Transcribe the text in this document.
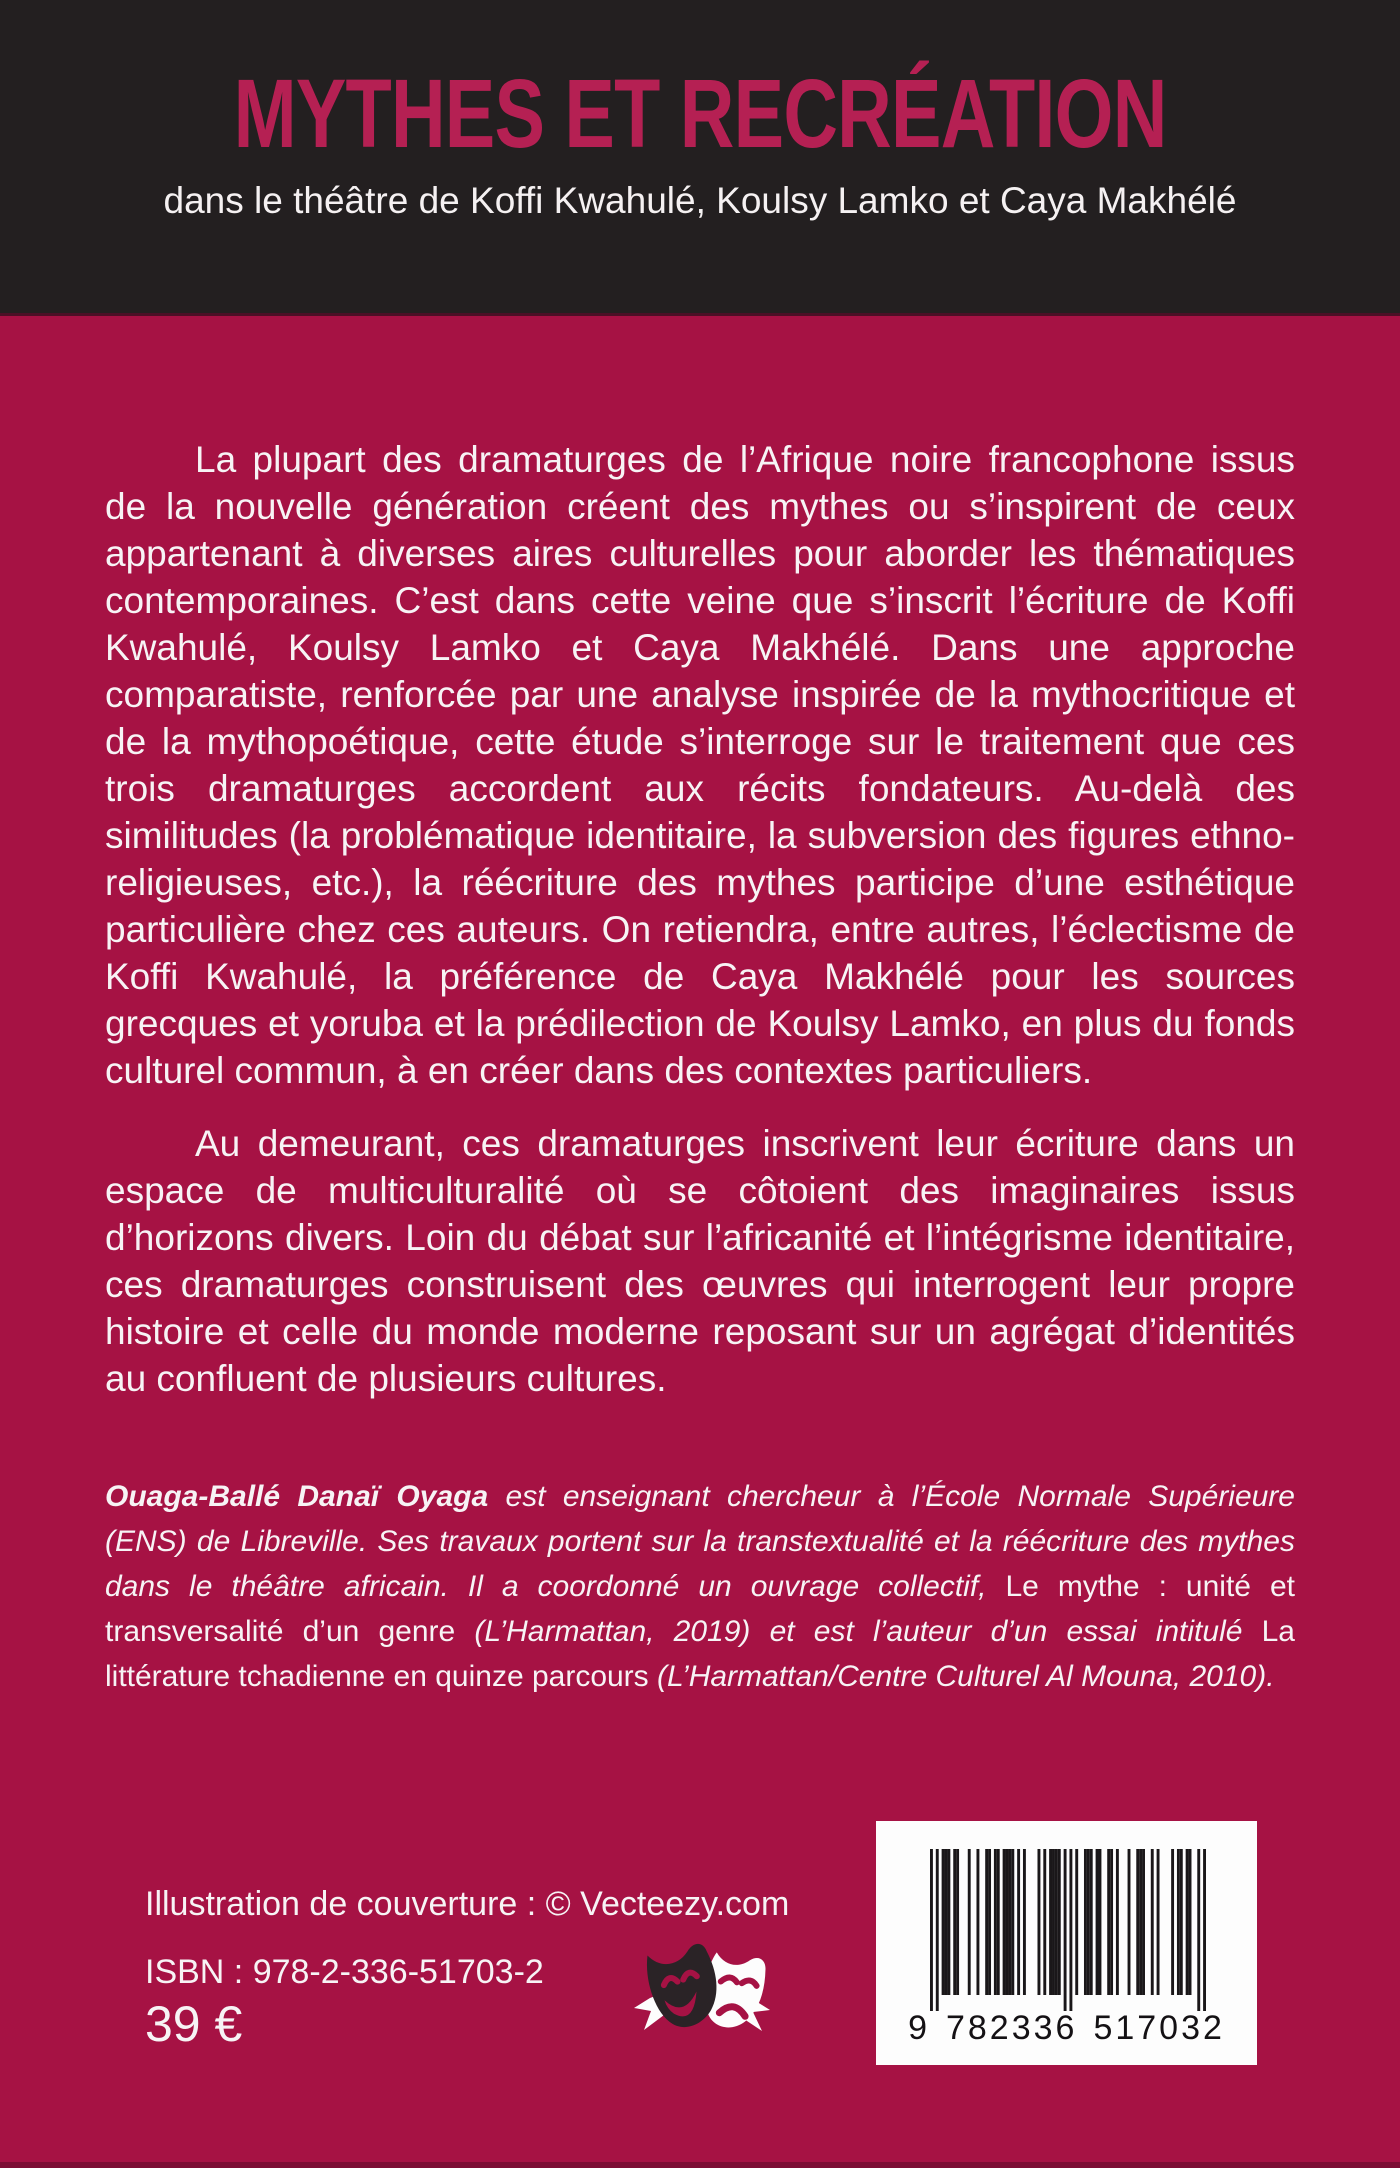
MYTHES ET RECRÉATION
dans le théâtre de Koffi Kwahulé, Koulsy Lamko et Caya Makhélé

La plupart des dramaturges de l’Afrique noire francophone issus de la nouvelle génération créent des mythes ou s’inspirent de ceux appartenant à diverses aires culturelles pour aborder les thématiques contemporaines. C’est dans cette veine que s’inscrit l’écriture de Koffi Kwahulé, Koulsy Lamko et Caya Makhélé. Dans une approche comparatiste, renforcée par une analyse inspirée de la mythocritique et de la mythopoétique, cette étude s’interroge sur le traitement que ces trois dramaturges accordent aux récits fondateurs. Au-delà des similitudes (la problématique identitaire, la subversion des figures ethno-religieuses, etc.), la réécriture des mythes participe d’une esthétique particulière chez ces auteurs. On retiendra, entre autres, l’éclectisme de Koffi Kwahulé, la préférence de Caya Makhélé pour les sources grecques et yoruba et la prédilection de Koulsy Lamko, en plus du fonds culturel commun, à en créer dans des contextes particuliers.

Au demeurant, ces dramaturges inscrivent leur écriture dans un espace de multiculturalité où se côtoient des imaginaires issus d’horizons divers. Loin du débat sur l’africanité et l’intégrisme identitaire, ces dramaturges construisent des œuvres qui interrogent leur propre histoire et celle du monde moderne reposant sur un agrégat d’identités au confluent de plusieurs cultures.

Ouaga-Ballé Danaï Oyaga est enseignant chercheur à l’École Normale Supérieure (ENS) de Libreville. Ses travaux portent sur la transtextualité et la réécriture des mythes dans le théâtre africain. Il a coordonné un ouvrage collectif, Le mythe : unité et transversalité d’un genre (L’Harmattan, 2019) et est l’auteur d’un essai intitulé La littérature tchadienne en quinze parcours (L’Harmattan/Centre Culturel Al Mouna, 2010).

Illustration de couverture : © Vecteezy.com
ISBN : 978-2-336-51703-2
39 €	9 782336 517032
